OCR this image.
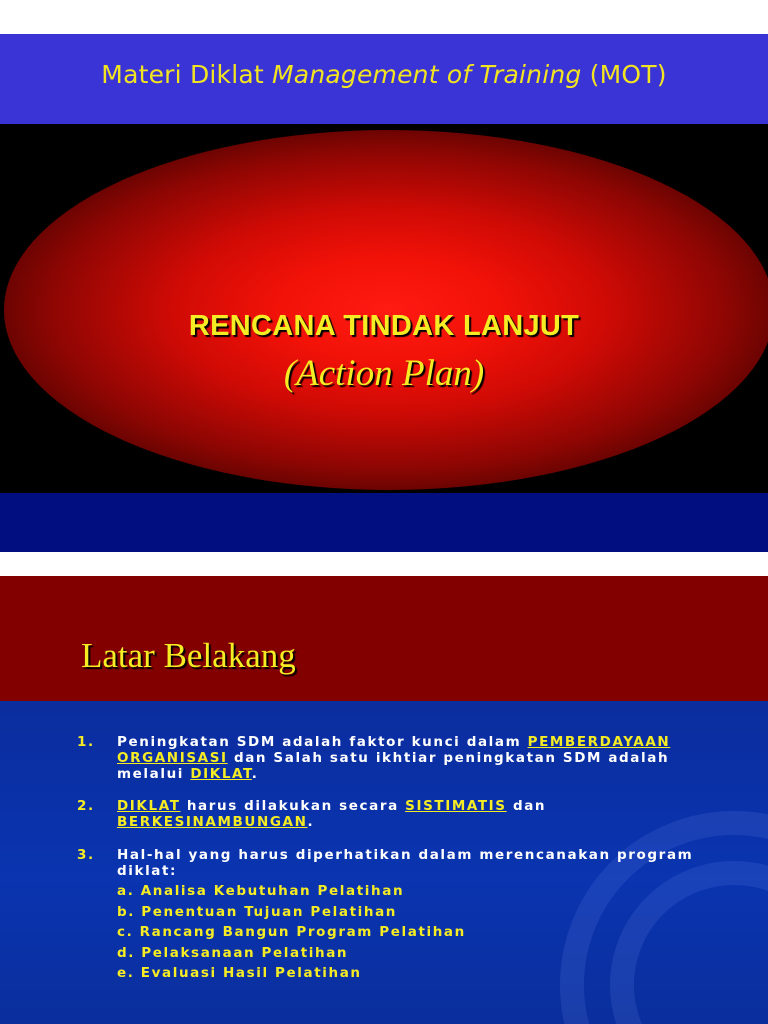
Materi Diklat Management of Training (MOT)
RENCANA TINDAK LANJUT
(Action Plan)
Latar Belakang
1. Peningkatan SDM adalah faktor kunci dalam PEMBERDAYAAN
ORGANISASI dan Salah satu ikhtiar peningkatan SDM adalah
melalui DIKLAT.
2. DIKLAT harus dilakukan secara SISTIMATIS dan
BERKESINAMBUNGAN.
3. Hal-hal yang harus diperhatikan dalam merencanakan program
diklat:
a. Analisa Kebutuhan Pelatihan
b. Penentuan Tujuan Pelatihan
c. Rancang Bangun Program Pelatihan
d. Pelaksanaan Pelatihan
e. Evaluasi Hasil Pelatihan
